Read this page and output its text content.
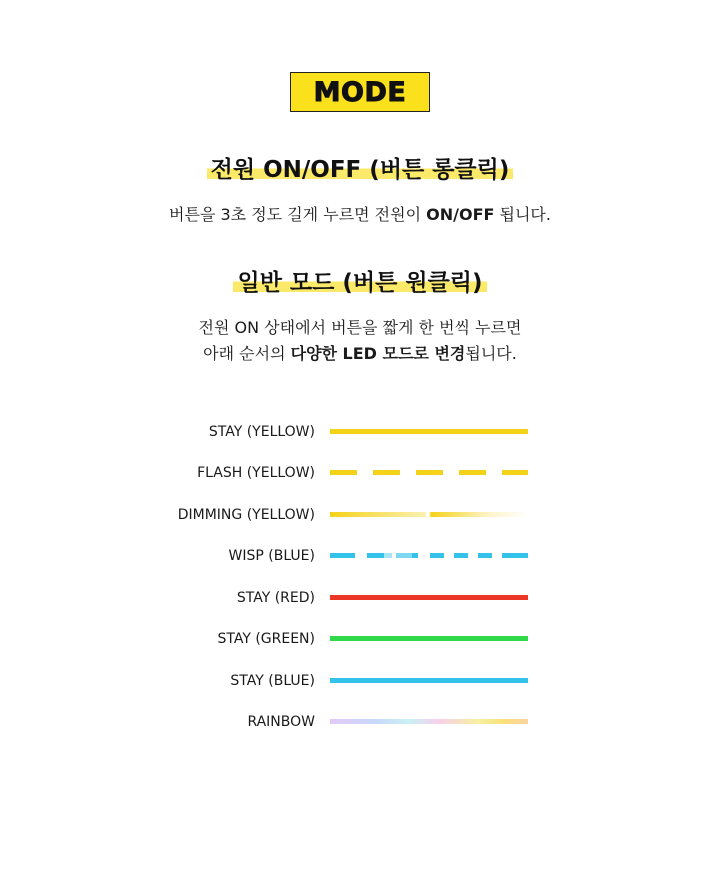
MODE
전원 ON/OFF (버튼 롱클릭)
버튼을 3초 정도 길게 누르면 전원이 ON/OFF 됩니다.
일반 모드 (버튼 원클릭)
전원 ON 상태에서 버튼을 짧게 한 번씩 누르면
아래 순서의 다양한 LED 모드로 변경됩니다.
STAY (YELLOW)
FLASH (YELLOW)
DIMMING (YELLOW)
WISP (BLUE)
STAY (RED)
STAY (GREEN)
STAY (BLUE)
RAINBOW
